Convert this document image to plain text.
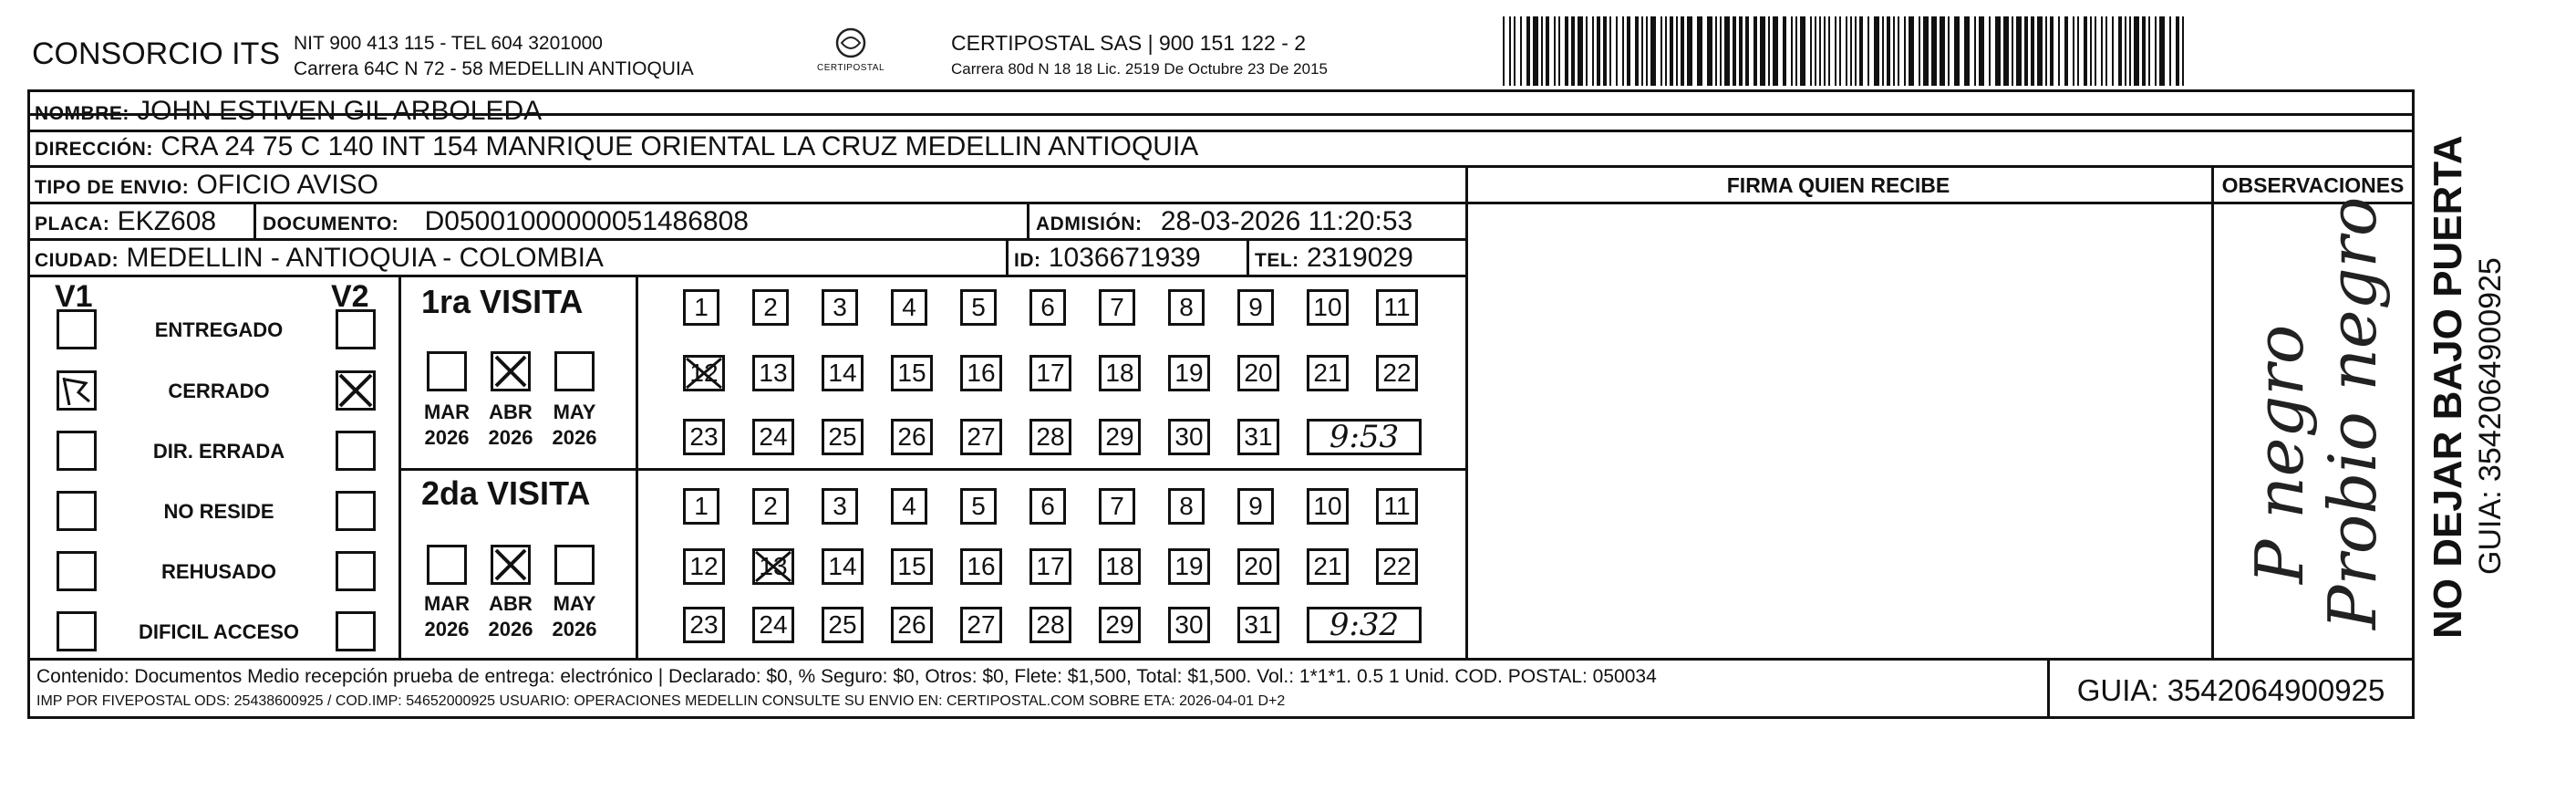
CONSORCIO ITS NIT 900 413 115 - TEL 604 3201000
Carrera 64C N 72 - 58 MEDELLIN ANTIOQUIA	CERTIPOSTAL
CERTIPOSTAL SAS | 900 151 122 - 2
Carrera 80d N 18 18 Lic. 2519 De Octubre 23 De 2015
NOMBRE: JOHN ESTIVEN GIL ARBOLEDA
DIRECCIÓN: CRA 24 75 C 140 INT 154 MANRIQUE ORIENTAL LA CRUZ MEDELLIN ANTIOQUIA
TIPO DE ENVIO: OFICIO AVISO	FIRMA QUIEN RECIBE	OBSERVACIONES
PLACA: EKZ608 DOCUMENTO: D05001000000051486808	ADMISIÓN: 28-03-2026 11:20:53
CIUDAD: MEDELLIN - ANTIOQUIA - COLOMBIA	ID: 1036671939	TEL: 2319029
V1	V2
ENTREGADO
CERRADO
DIR. ERRADA
NO RESIDE
REHUSADO
DIFICIL ACCESO
1ra VISITA
MAR
2026
ABR
2026
MAY
2026
1	2	3	4	5	6	7	8	9	10	11
12 13 14 15 16 17 18 19 20 21 22
23 24 25 26 27 28 29 30 31	9:53
2da VISITA
MAR
2026
ABR
2026
MAY
2026
1	2	3	4	5	6	7	8	9	10	11
12 13 14 15 16 17 18 19 20 21 22
23 24 25 26 27 28 29 30 31	9:32
P negro
Probio negro
Contenido: Documentos Medio recepción prueba de entrega: electrónico | Declarado: $0, % Seguro: $0, Otros: $0, Flete: $1,500, Total: $1,500. Vol.: 1*1*1. 0.5 1 Unid. COD. POSTAL: 050034
IMP POR FIVEPOSTAL ODS: 25438600925 / COD.IMP: 54652000925 USUARIO: OPERACIONES MEDELLIN CONSULTE SU ENVIO EN: CERTIPOSTAL.COM SOBRE ETA: 2026-04-01 D+2	GUIA: 3542064900925
NO DEJAR BAJO PUERTA GUIA: 3542064900925
